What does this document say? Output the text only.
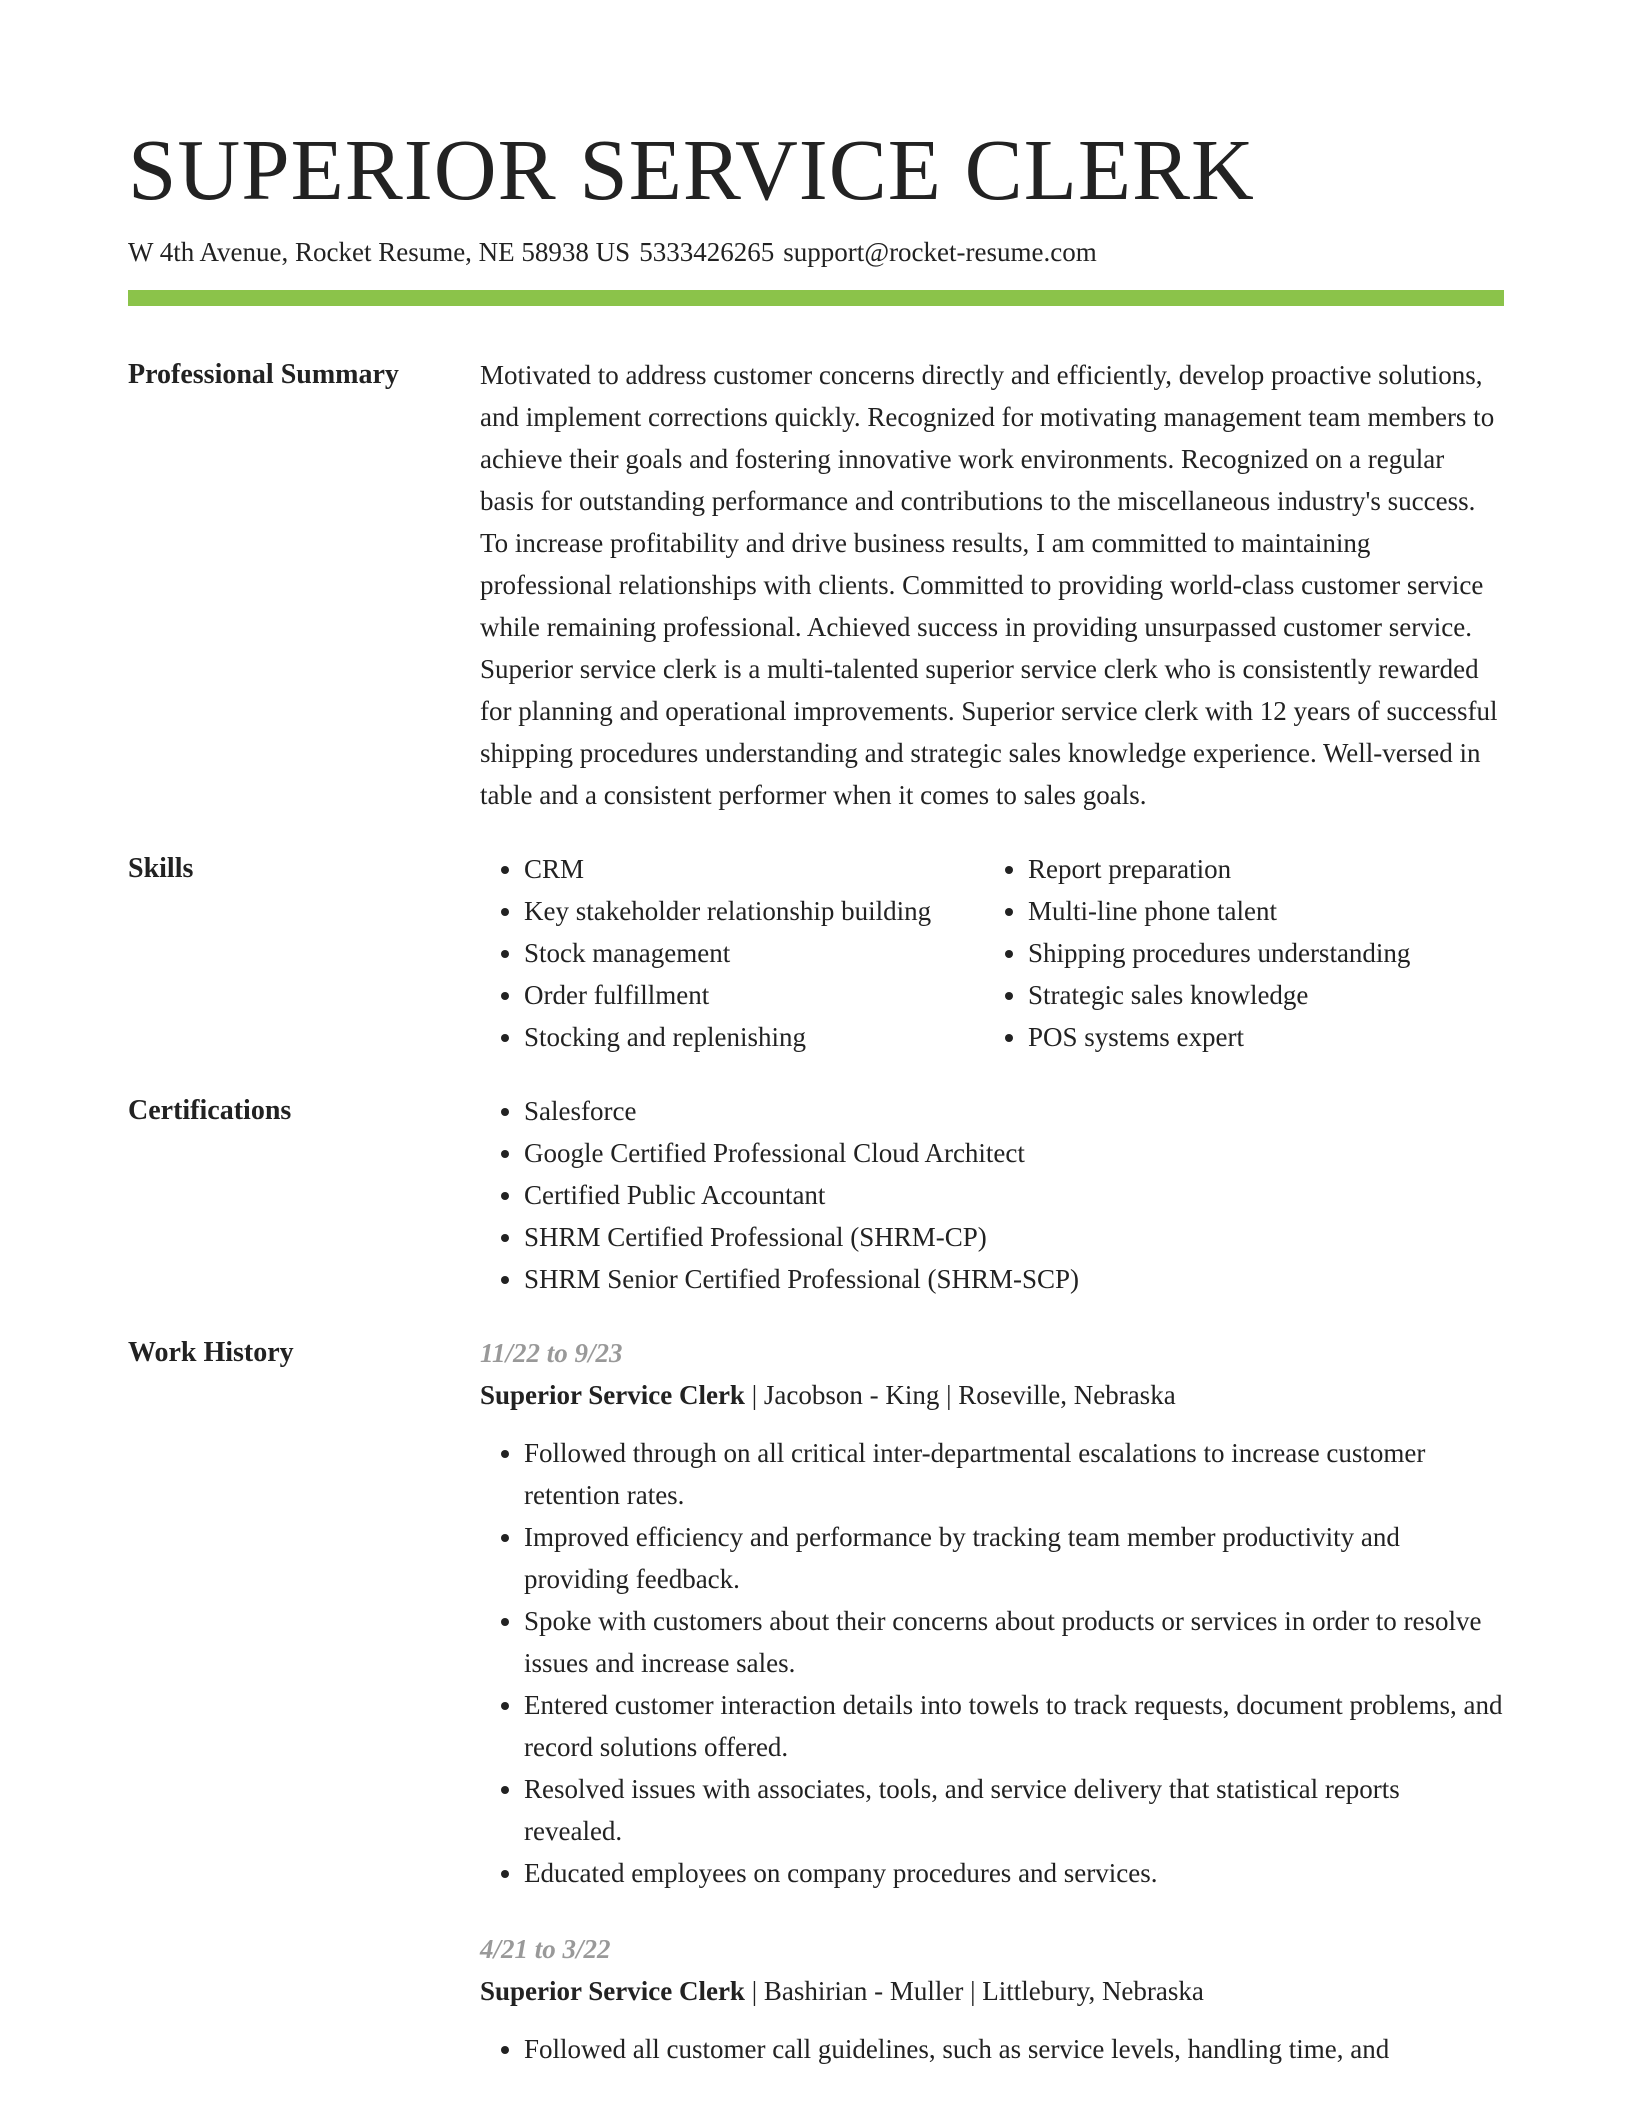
SUPERIOR SERVICE CLERK
W 4th Avenue, Rocket Resume, NE 58938 US 5333426265 support@rocket-resume.com
Professional Summary	Motivated to address customer concerns directly and efficiently, develop proactive solutions, and implement corrections quickly. Recognized for motivating management team members to achieve their goals and fostering innovative work environments. Recognized on a regular basis for outstanding performance and contributions to the miscellaneous industry's success. To increase profitability and drive business results, I am committed to maintaining professional relationships with clients. Committed to providing world-class customer service while remaining professional. Achieved success in providing unsurpassed customer service. Superior service clerk is a multi-talented superior service clerk who is consistently rewarded for planning and operational improvements. Superior service clerk with 12 years of successful shipping procedures understanding and strategic sales knowledge experience. Well-versed in table and a consistent performer when it comes to sales goals.

Skills	• CRM
• Key stakeholder relationship building
• Stock management
• Order fulfillment
• Stocking and replenishing
• Report preparation
• Multi-line phone talent
• Shipping procedures understanding
• Strategic sales knowledge
• POS systems expert
Certifications	• Salesforce
• Google Certified Professional Cloud Architect
• Certified Public Accountant
• SHRM Certified Professional (SHRM-CP)
• SHRM Senior Certified Professional (SHRM-SCP)
Work History	11/22 to 9/23
Superior Service Clerk | Jacobson - King | Roseville, Nebraska
• Followed through on all critical inter-departmental escalations to increase customer retention rates.
• Improved efficiency and performance by tracking team member productivity and providing feedback.
• Spoke with customers about their concerns about products or services in order to resolve issues and increase sales.
• Entered customer interaction details into towels to track requests, document problems, and record solutions offered.
• Resolved issues with associates, tools, and service delivery that statistical reports revealed.
• Educated employees on company procedures and services.
4/21 to 3/22
Superior Service Clerk | Bashirian - Muller | Littlebury, Nebraska
• Followed all customer call guidelines, such as service levels, handling time, and
